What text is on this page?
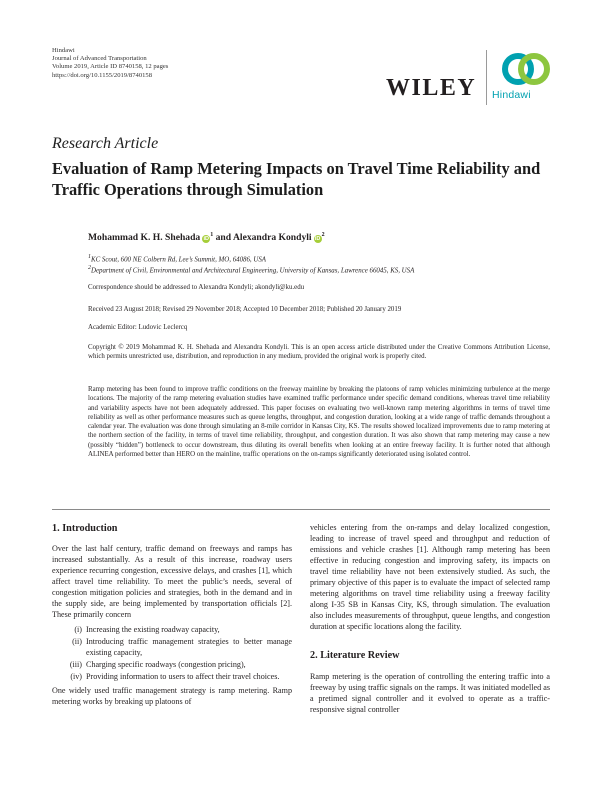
Hindawi
Journal of Advanced Transportation
Volume 2019, Article ID 8740158, 12 pages
https://doi.org/10.1155/2019/8740158	WILEY Hindawi
Research Article
Evaluation of Ramp Metering Impacts on Travel Time Reliability and Traffic Operations through Simulation
Mohammad K. H. Shehada $iD^1$ and Alexandra Kondyli $iD^2$
$^1$KC Scout, 600 NE Colbern Rd, Lee’s Summit, MO, 64086, USA
$^2$Department of Civil, Environmental and Architectural Engineering, University of Kansas, Lawrence 66045, KS, USA
Correspondence should be addressed to Alexandra Kondyli; akondyli@ku.edu
Received 23 August 2018; Revised 29 November 2018; Accepted 10 December 2018; Published 20 January 2019
Academic Editor: Ludovic Leclercq
Copyright © 2019 Mohammad K. H. Shehada and Alexandra Kondyli. This is an open access article distributed under the Creative Commons Attribution License, which permits unrestricted use, distribution, and reproduction in any medium, provided the original work is properly cited.
Ramp metering has been found to improve traffic conditions on the freeway mainline by breaking the platoons of ramp vehicles minimizing turbulence at the merge locations. The majority of the ramp metering evaluation studies have examined traffic performance under specific demand conditions, whereas travel time reliability and variability aspects have not been adequately addressed. This paper focuses on evaluating two well-known ramp metering algorithms in terms of travel time reliability as well as other performance measures such as queue lengths, throughput, and congestion duration, looking at a wide range of traffic demands throughout a calendar year. The evaluation was done through simulating an 8-mile corridor in Kansas City, KS. The results showed localized improvements due to ramp metering at the northern section of the facility, in terms of travel time reliability, throughput, and congestion duration. It was also shown that ramp metering may cause a new (possibly “hidden”) bottleneck to occur downstream, thus diluting its overall benefits when looking at an entire freeway facility. It is further noted that although ALINEA performed better than HERO on the mainline, traffic operations on the on-ramps significantly deteriorated using isolated control.
1. Introduction

Over the last half century, traffic demand on freeways and ramps has increased substantially. As a result of this increase, roadway users experience recurring congestion, excessive delays, and crashes [1], which affect travel time reliability. To meet the public’s needs, several of congestion mitigation policies and strategies, both in the demand and in the supply side, are being implemented by transportation officials [2]. These primarily concern

(i) Increasing the existing roadway capacity,
(ii) Introducing traffic management strategies to better manage existing capacity,
(iii) Charging specific roadways (congestion pricing),
(iv) Providing information to users to affect their travel choices.

One widely used traffic management strategy is ramp metering. Ramp metering works by breaking up platoons of

vehicles entering from the on-ramps and delay localized congestion, leading to increase of travel speed and throughput and reduction of emissions and vehicle crashes [1]. Although ramp metering has been effective in reducing congestion and improving safety, its impacts on travel time reliability have not been extensively studied. As such, the primary objective of this paper is to evaluate the impact of selected ramp metering algorithms on travel time reliability using a freeway facility along I-35 SB in Kansas City, KS, through simulation. The evaluation also includes measurements of throughput, queue lengths, and congestion duration at specific locations along the facility.

2. Literature Review

Ramp metering is the operation of controlling the entering traffic into a freeway by using traffic signals on the ramps. It was initiated modelled as a pretimed signal controller and it evolved to operate as a traffic-responsive signal controller
